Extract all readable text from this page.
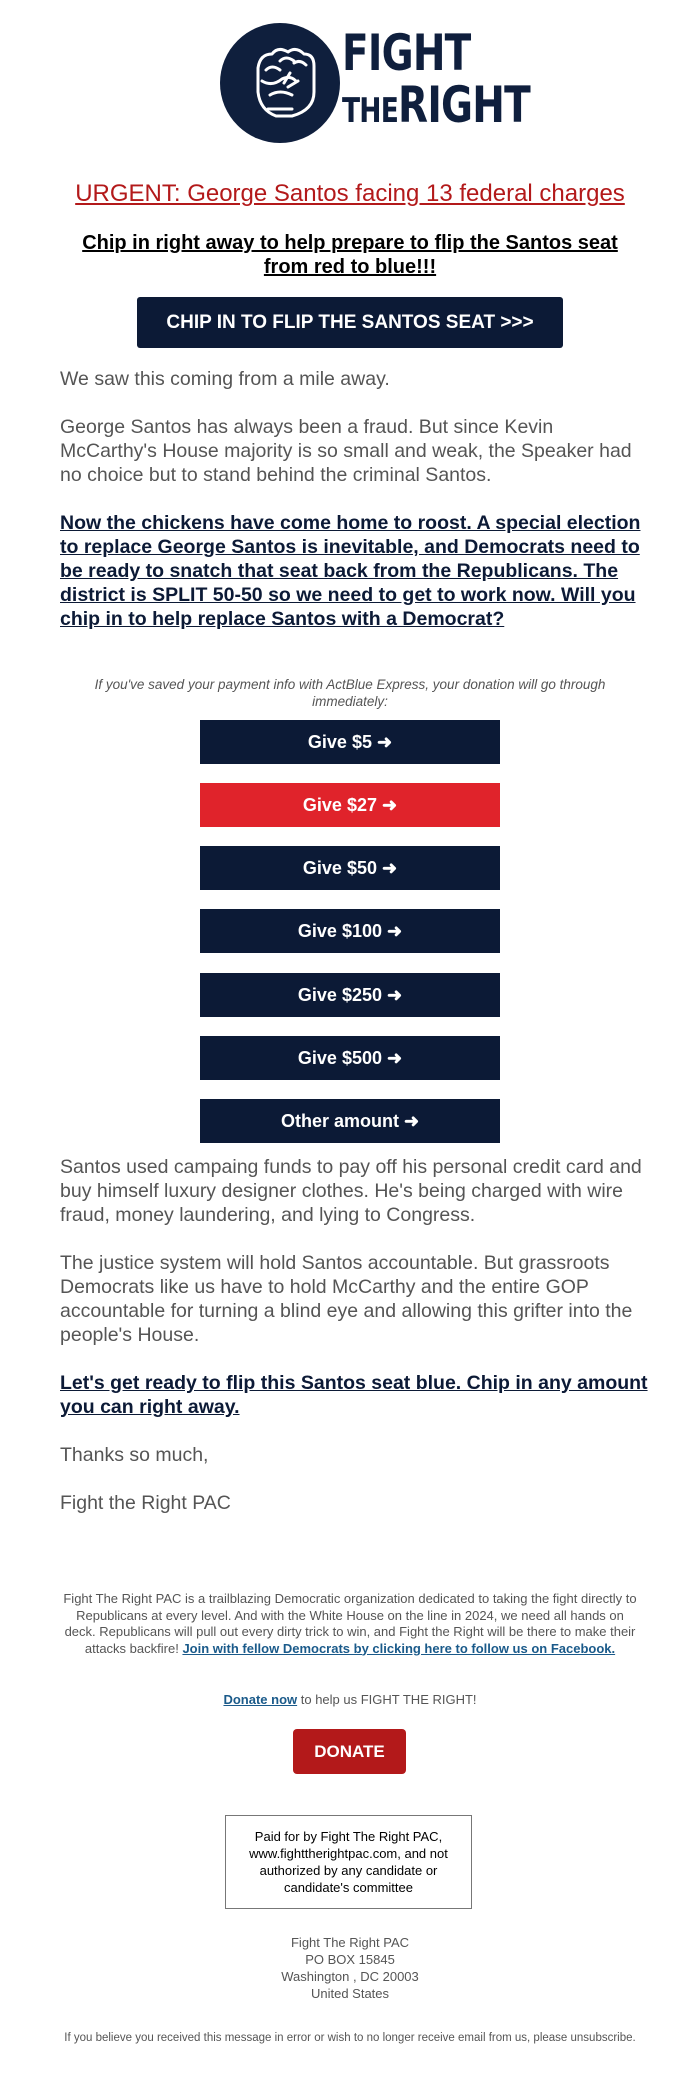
FIGHT
THERIGHT
URGENT: George Santos facing 13 federal charges
Chip in right away to help prepare to flip the Santos seat from red to blue!!!
CHIP IN TO FLIP THE SANTOS SEAT >>>
We saw this coming from a mile away.
George Santos has always been a fraud. But since Kevin McCarthy's House majority is so small and weak, the Speaker had no choice but to stand behind the criminal Santos.
Now the chickens have come home to roost. A special election to replace George Santos is inevitable, and Democrats need to be ready to snatch that seat back from the Republicans. The district is SPLIT 50-50 so we need to get to work now. Will you chip in to help replace Santos with a Democrat?
If you've saved your payment info with ActBlue Express, your donation will go through immediately:
Give $5 ➜
Give $27 ➜
Give $50 ➜
Give $100 ➜
Give $250 ➜
Give $500 ➜
Other amount ➜
Santos used campaing funds to pay off his personal credit card and buy himself luxury designer clothes. He's being charged with wire fraud, money laundering, and lying to Congress.
The justice system will hold Santos accountable. But grassroots Democrats like us have to hold McCarthy and the entire GOP accountable for turning a blind eye and allowing this grifter into the people's House.
Let's get ready to flip this Santos seat blue. Chip in any amount you can right away.
Thanks so much,
Fight the Right PAC
Fight The Right PAC is a trailblazing Democratic organization dedicated to taking the fight directly to Republicans at every level. And with the White House on the line in 2024, we need all hands on deck. Republicans will pull out every dirty trick to win, and Fight the Right will be there to make their attacks backfire! Join with fellow Democrats by clicking here to follow us on Facebook.
Donate now to help us FIGHT THE RIGHT!
DONATE
Paid for by Fight The Right PAC, www.fighttherightpac.com, and not authorized by any candidate or candidate's committee
Fight The Right PAC
PO BOX 15845
Washington , DC 20003
United States
If you believe you received this message in error or wish to no longer receive email from us, please unsubscribe.
